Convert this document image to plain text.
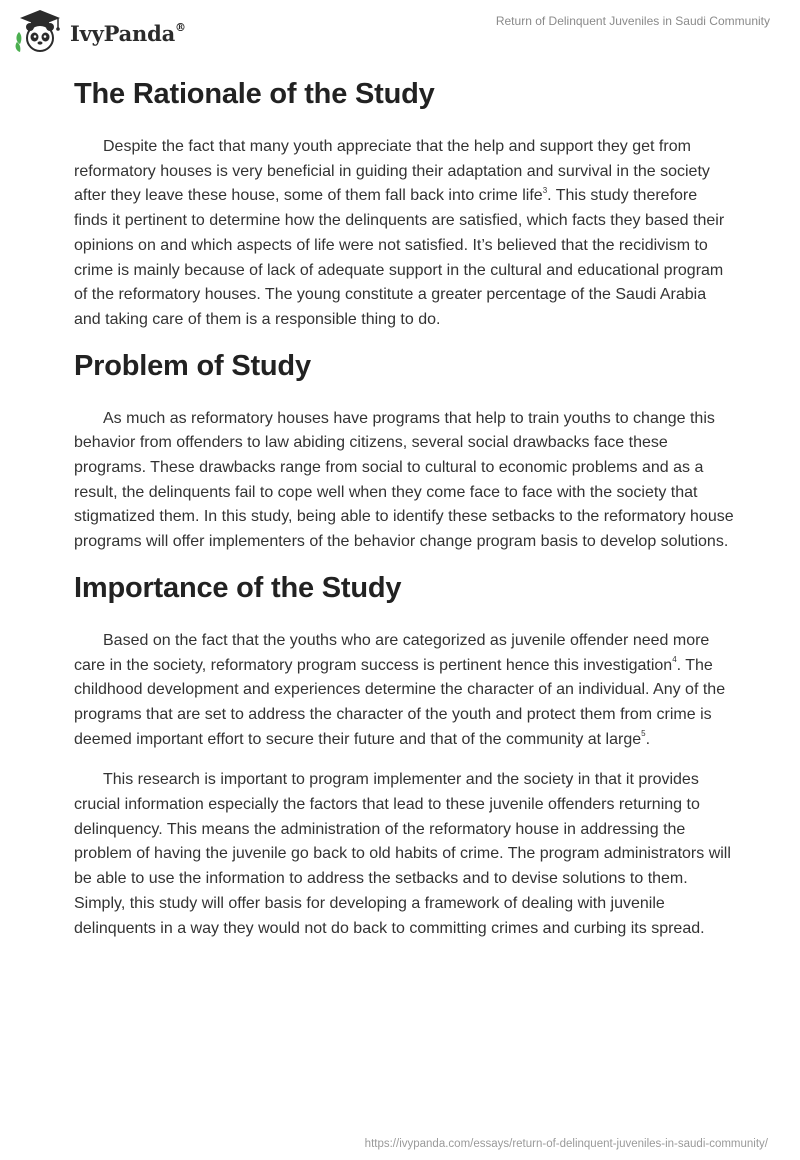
IvyPanda®	Return of Delinquent Juveniles in Saudi Community
The Rationale of the Study

Despite the fact that many youth appreciate that the help and support they get from reformatory houses is very beneficial in guiding their adaptation and survival in the society after they leave these house, some of them fall back into crime life$^3$. This study therefore finds it pertinent to determine how the delinquents are satisfied, which facts they based their opinions on and which aspects of life were not satisfied. It’s believed that the recidivism to crime is mainly because of lack of adequate support in the cultural and educational program of the reformatory houses. The young constitute a greater percentage of the Saudi Arabia and taking care of them is a responsible thing to do.

Problem of Study

As much as reformatory houses have programs that help to train youths to change this behavior from offenders to law abiding citizens, several social drawbacks face these programs. These drawbacks range from social to cultural to economic problems and as a result, the delinquents fail to cope well when they come face to face with the society that stigmatized them. In this study, being able to identify these setbacks to the reformatory house programs will offer implementers of the behavior change program basis to develop solutions.

Importance of the Study

Based on the fact that the youths who are categorized as juvenile offender need more care in the society, reformatory program success is pertinent hence this investigation$^4$. The childhood development and experiences determine the character of an individual. Any of the programs that are set to address the character of the youth and protect them from crime is deemed important effort to secure their future and that of the community at large$^5$.

This research is important to program implementer and the society in that it provides crucial information especially the factors that lead to these juvenile offenders returning to delinquency. This means the administration of the reformatory house in addressing the problem of having the juvenile go back to old habits of crime. The program administrators will be able to use the information to address the setbacks and to devise solutions to them. Simply, this study will offer basis for developing a framework of dealing with juvenile delinquents in a way they would not do back to committing crimes and curbing its spread.

https://ivypanda.com/essays/return-of-delinquent-juveniles-in-saudi-community/
